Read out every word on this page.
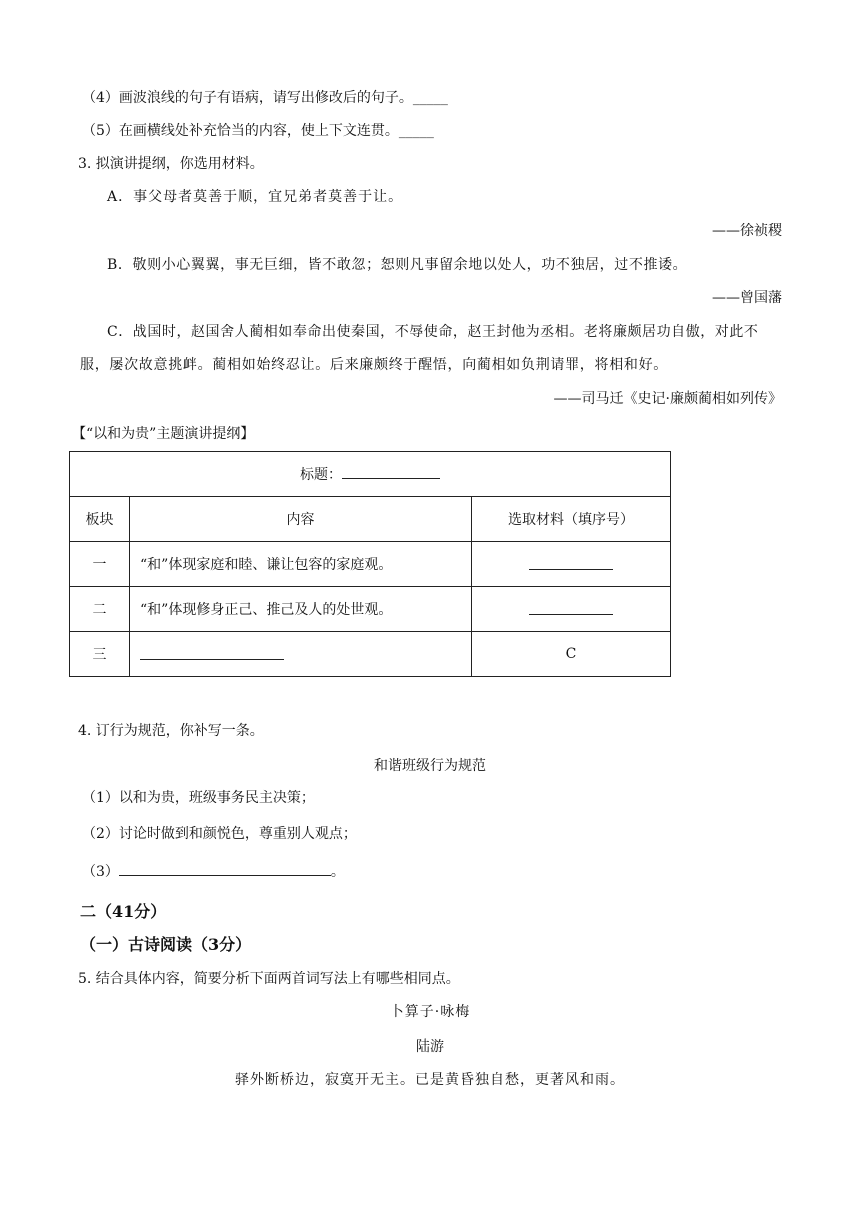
（4）画波浪线的句子有语病，请写出修改后的句子。_____
（5）在画横线处补充恰当的内容，使上下文连贯。_____
3. 拟演讲提纲，你选用材料。
A．事父母者莫善于顺，宜兄弟者莫善于让。
——徐祯稷
B．敬则小心翼翼，事无巨细，皆不敢忽；恕则凡事留余地以处人，功不独居，过不推诿。
——曾国藩
C．战国时，赵国舍人蔺相如奉命出使秦国，不辱使命，赵王封他为丞相。老将廉颇居功自傲，对此不
服，屡次故意挑衅。蔺相如始终忍让。后来廉颇终于醒悟，向蔺相如负荆请罪，将相和好。
——司马迁《史记·廉颇蔺相如列传》
【“以和为贵”主题演讲提纲】
标题：		
板块	内容	选取材料（填序号）
一	“和”体现家庭和睦、谦让包容的家庭观。	
二	“和”体现修身正己、推己及人的处世观。	
三		C
4. 订行为规范，你补写一条。
和谐班级行为规范
（1）以和为贵，班级事务民主决策；
（2）讨论时做到和颜悦色，尊重别人观点；
（3）	。
二（41分）
（一）古诗阅读（3分）
5. 结合具体内容，简要分析下面两首词写法上有哪些相同点。
卜算子·咏梅
陆游
驿外断桥边，寂寞开无主。已是黄昏独自愁，更著风和雨。
